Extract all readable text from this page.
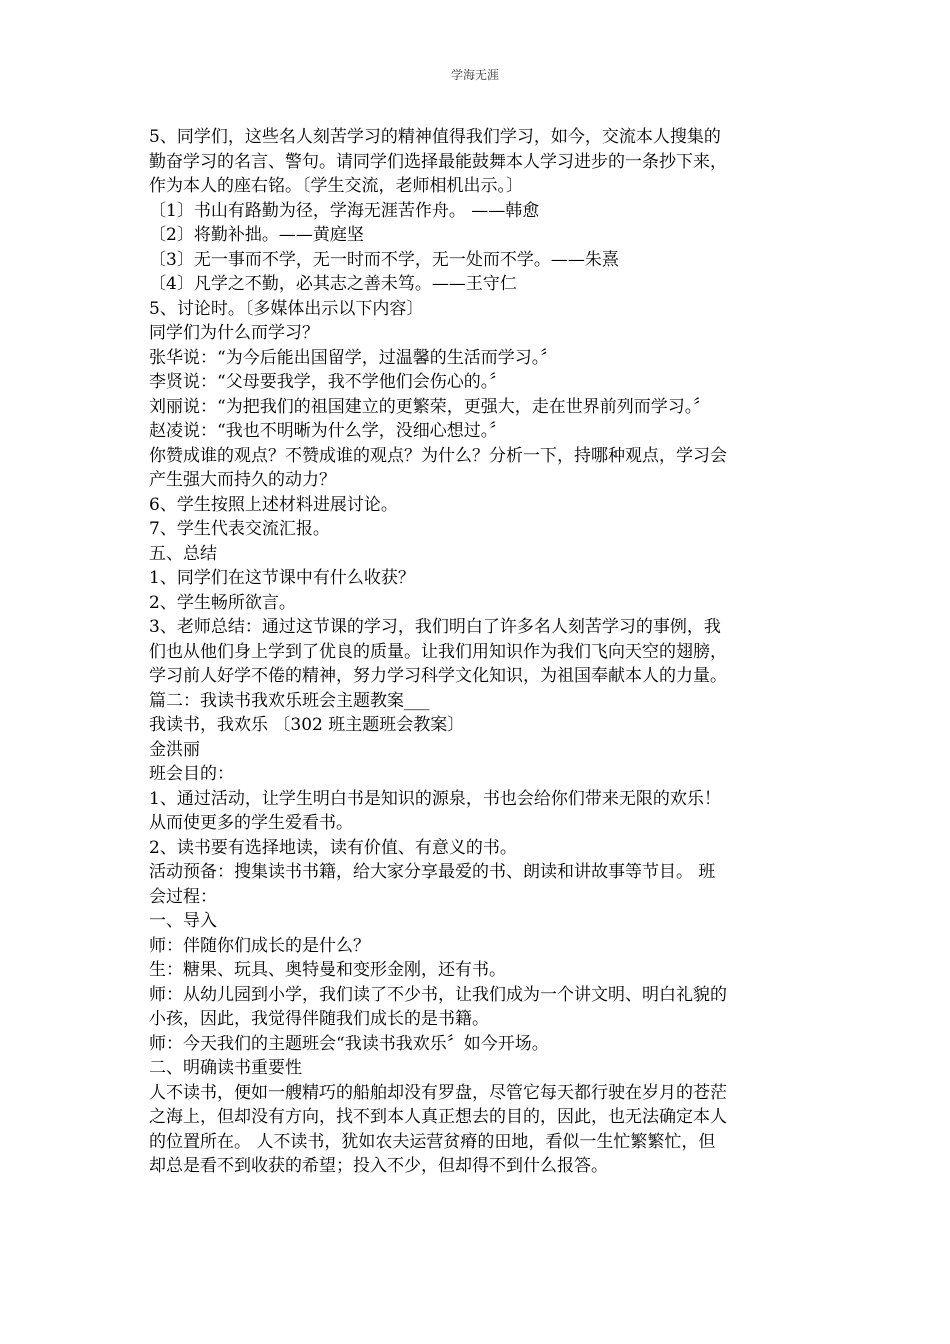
学海无涯
5、同学们，这些名人刻苦学习的精神值得我们学习，如今，交流本人搜集的
勤奋学习的名言、警句。请同学们选择最能鼓舞本人学习进步的一条抄下来，
作为本人的座右铭。〔学生交流，老师相机出示。〕
〔1〕书山有路勤为径，学海无涯苦作舟。 ——韩愈
〔2〕将勤补拙。——黄庭坚
〔3〕无一事而不学，无一时而不学，无一处而不学。——朱熹
〔4〕凡学之不勤，必其志之善未笃。——王守仁
5、讨论时。〔多媒体出示以下内容〕
同学们为什么而学习？
张华说：“为今后能出国留学，过温馨的生活而学习。〞
李贤说：“父母要我学，我不学他们会伤心的。〞
刘丽说：“为把我们的祖国建立的更繁荣，更强大，走在世界前列而学习。〞
赵凌说：“我也不明晰为什么学，没细心想过。〞
你赞成谁的观点？不赞成谁的观点？为什么？分析一下，持哪种观点，学习会
产生强大而持久的动力？
6、学生按照上述材料进展讨论。
7、学生代表交流汇报。
五、总结
1、同学们在这节课中有什么收获？
2、学生畅所欲言。
3、老师总结：通过这节课的学习，我们明白了许多名人刻苦学习的事例，我
们也从他们身上学到了优良的质量。让我们用知识作为我们飞向天空的翅膀，
学习前人好学不倦的精神，努力学习科学文化知识，为祖国奉献本人的力量。
篇二：我读书我欢乐班会主题教案___
我读书，我欢乐 〔302 班主题班会教案〕
金洪丽
班会目的：
1、通过活动，让学生明白书是知识的源泉，书也会给你们带来无限的欢乐！
从而使更多的学生爱看书。
2、读书要有选择地读，读有价值、有意义的书。
活动预备：搜集读书书籍，给大家分享最爱的书、朗读和讲故事等节目。 班
会过程：
一、导入
师：伴随你们成长的是什么？
生：糖果、玩具、奥特曼和变形金刚，还有书。
师：从幼儿园到小学，我们读了不少书，让我们成为一个讲文明、明白礼貌的
小孩，因此，我觉得伴随我们成长的是书籍。
师：今天我们的主题班会“我读书我欢乐〞如今开场。
二、明确读书重要性
人不读书，便如一艘精巧的船舶却没有罗盘，尽管它每天都行驶在岁月的苍茫
之海上，但却没有方向，找不到本人真正想去的目的，因此，也无法确定本人
的位置所在。 人不读书，犹如农夫运营贫瘠的田地，看似一生忙繁繁忙，但
却总是看不到收获的希望；投入不少，但却得不到什么报答。
